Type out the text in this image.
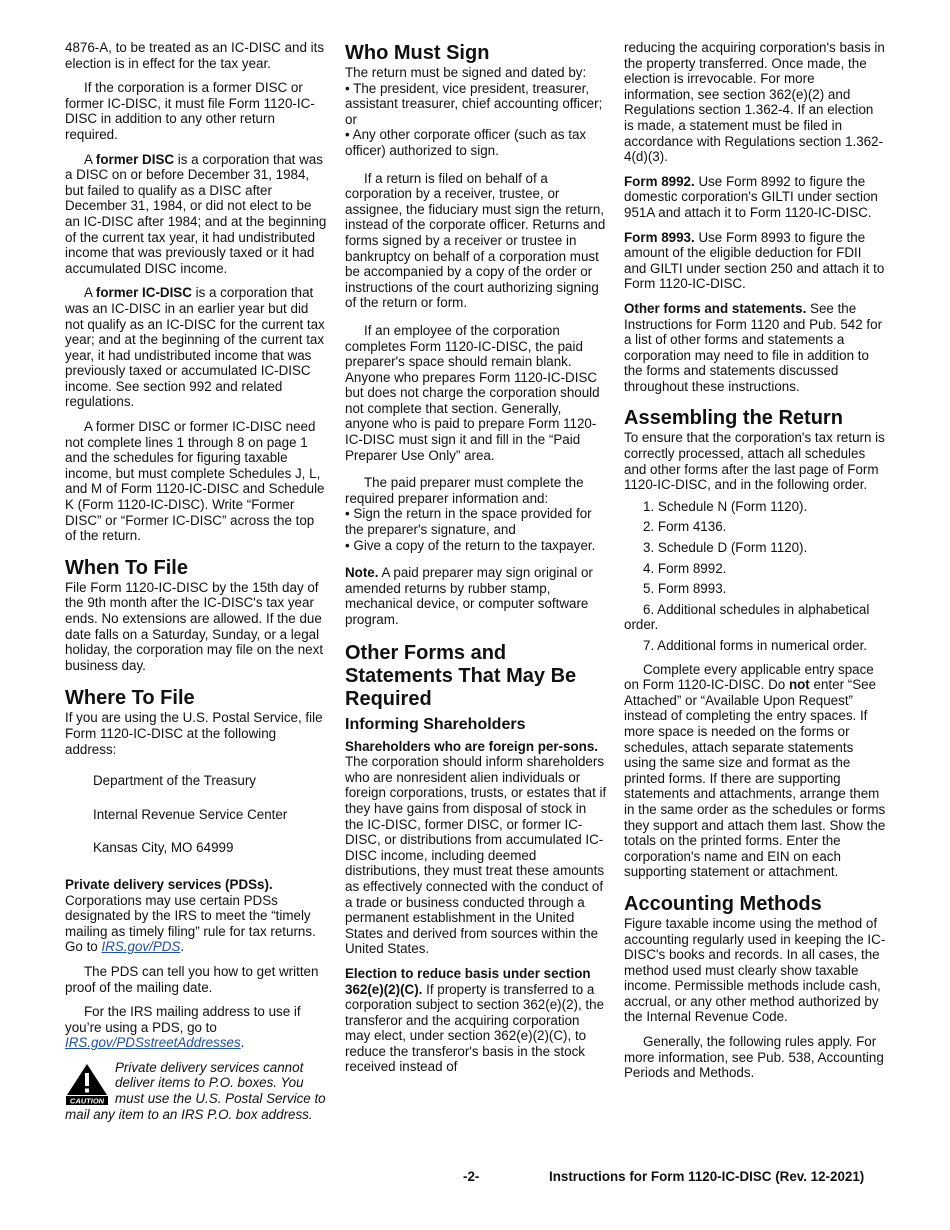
4876-A, to be treated as an IC-DISC and its election is in effect for the tax year.

If the corporation is a former DISC or former IC-DISC, it must file Form 1120-IC-DISC in addition to any other return required.

A former DISC is a corporation that was a DISC on or before December 31, 1984, but failed to qualify as a DISC after December 31, 1984, or did not elect to be an IC-DISC after 1984; and at the beginning of the current tax year, it had undistributed income that was previously taxed or it had accumulated DISC income.

A former IC-DISC is a corporation that was an IC-DISC in an earlier year but did not qualify as an IC-DISC for the current tax year; and at the beginning of the current tax year, it had undistributed income that was previously taxed or accumulated IC-DISC income. See section 992 and related regulations.

A former DISC or former IC-DISC need not complete lines 1 through 8 on page 1 and the schedules for figuring taxable income, but must complete Schedules J, L, and M of Form 1120-IC-DISC and Schedule K (Form 1120-IC-DISC). Write “Former DISC” or “Former IC-DISC” across the top of the return.

When To File

File Form 1120-IC-DISC by the 15th day of the 9th month after the IC-DISC's tax year ends. No extensions are allowed. If the due date falls on a Saturday, Sunday, or a legal holiday, the corporation may file on the next business day.

Where To File

If you are using the U.S. Postal Service, file Form 1120-IC-DISC at the following address:

Department of the Treasury
Internal Revenue Service Center
Kansas City, MO 64999

Private delivery services (PDSs). Corporations may use certain PDSs designated by the IRS to meet the “timely mailing as timely filing” rule for tax returns. Go to IRS.gov/PDS.

The PDS can tell you how to get written proof of the mailing date.

For the IRS mailing address to use if you’re using a PDS, go to IRS.gov/PDSstreetAddresses.

CAUTION
Private delivery services cannot deliver items to P.O. boxes. You must use the U.S. Postal Service to mail any item to an IRS P.O. box address.
Who Must Sign

The return must be signed and dated by:

• The president, vice president, treasurer, assistant treasurer, chief accounting officer; or

• Any other corporate officer (such as tax officer) authorized to sign.

If a return is filed on behalf of a corporation by a receiver, trustee, or assignee, the fiduciary must sign the return, instead of the corporate officer. Returns and forms signed by a receiver or trustee in bankruptcy on behalf of a corporation must be accompanied by a copy of the order or instructions of the court authorizing signing of the return or form.

If an employee of the corporation completes Form 1120-IC-DISC, the paid preparer's space should remain blank. Anyone who prepares Form 1120-IC-DISC but does not charge the corporation should not complete that section. Generally, anyone who is paid to prepare Form 1120-IC-DISC must sign it and fill in the “Paid Preparer Use Only” area.

The paid preparer must complete the required preparer information and:

• Sign the return in the space provided for the preparer's signature, and

• Give a copy of the return to the taxpayer.

Note. A paid preparer may sign original or amended returns by rubber stamp, mechanical device, or computer software program.

Other Forms and Statements That May Be Required
Informing Shareholders

Shareholders who are foreign per-sons. The corporation should inform shareholders who are nonresident alien individuals or foreign corporations, trusts, or estates that if they have gains from disposal of stock in the IC-DISC, former DISC, or former IC-DISC, or distributions from accumulated IC-DISC income, including deemed distributions, they must treat these amounts as effectively connected with the conduct of a trade or business conducted through a permanent establishment in the United States and derived from sources within the United States.

Election to reduce basis under section 362(e)(2)(C). If property is transferred to a corporation subject to section 362(e)(2), the transferor and the acquiring corporation may elect, under section 362(e)(2)(C), to reduce the transferor's basis in the stock received instead of

reducing the acquiring corporation's basis in the property transferred. Once made, the election is irrevocable. For more information, see section 362(e)(2) and Regulations section 1.362-4. If an election is made, a statement must be filed in accordance with Regulations section 1.362-4(d)(3).

Form 8992. Use Form 8992 to figure the domestic corporation's GILTI under section 951A and attach it to Form 1120-IC-DISC.

Form 8993. Use Form 8993 to figure the amount of the eligible deduction for FDII and GILTI under section 250 and attach it to Form 1120-IC-DISC.

Other forms and statements. See the Instructions for Form 1120 and Pub. 542 for a list of other forms and statements a corporation may need to file in addition to the forms and statements discussed throughout these instructions.

Assembling the Return

To ensure that the corporation's tax return is correctly processed, attach all schedules and other forms after the last page of Form 1120-IC-DISC, and in the following order.

1. Schedule N (Form 1120).
2. Form 4136.
3. Schedule D (Form 1120).
4. Form 8992.
5. Form 8993.
6. Additional schedules in alphabetical order.
7. Additional forms in numerical order.

Complete every applicable entry space on Form 1120-IC-DISC. Do not enter “See Attached” or “Available Upon Request” instead of completing the entry spaces. If more space is needed on the forms or schedules, attach separate statements using the same size and format as the printed forms. If there are supporting statements and attachments, arrange them in the same order as the schedules or forms they support and attach them last. Show the totals on the printed forms. Enter the corporation's name and EIN on each supporting statement or attachment.

Accounting Methods

Figure taxable income using the method of accounting regularly used in keeping the IC-DISC's books and records. In all cases, the method used must clearly show taxable income. Permissible methods include cash, accrual, or any other method authorized by the Internal Revenue Code.

Generally, the following rules apply. For more information, see Pub. 538, Accounting Periods and Methods.

-2-	Instructions for Form 1120-IC-DISC (Rev. 12-2021)
